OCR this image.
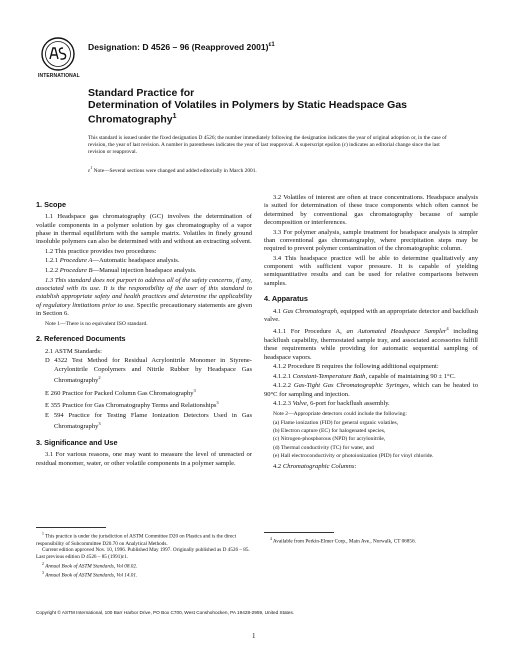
INTERNATIONAL
Designation: D 4526 – 96 (Reapproved 2001)$^{\varepsilon 1}$
Standard Practice for
Determination of Volatiles in Polymers by Static Headspace Gas Chromatography$^1$
This standard is issued under the fixed designation D 4526; the number immediately following the designation indicates the year of original adoption or, in the case of revision, the year of last revision. A number in parentheses indicates the year of last reapproval. A superscript epsilon (ε) indicates an editorial change since the last revision or reapproval.
$\varepsilon^1$ Note—Several sections were changed and added editorially in March 2001.
1. Scope

1.1 Headspace gas chromatography (GC) involves the determination of volatile components in a polymer solution by gas chromatography of a vapor phase in thermal equilibrium with the sample matrix. Volatiles in finely ground insoluble polymers can also be determined with and without an extracting solvent.

1.2 This practice provides two procedures:

1.2.1 Procedure A—Automatic headspace analysis.

1.2.2 Procedure B—Manual injection headspace analysis.

1.3 This standard does not purport to address all of the safety concerns, if any, associated with its use. It is the responsibility of the user of this standard to establish appropriate safety and health practices and determine the applicability of regulatory limitations prior to use. Specific precautionary statements are given in Section 6.

Note 1—There is no equivalent ISO standard.

2. Referenced Documents

2.1 ASTM Standards:

D 4322 Test Method for Residual Acrylonitrile Monomer in Styrene-Acrylonitrile Copolymers and Nitrile Rubber by Headspace Gas Chromatography$^2$

E 260 Practice for Packed Column Gas Chromatography$^3$

E 355 Practice for Gas Chromatography Terms and Relationships$^3$

E 594 Practice for Testing Flame Ionization Detectors Used in Gas Chromatography$^3$

3. Significance and Use

3.1 For various reasons, one may want to measure the level of unreacted or residual monomer, water, or other volatile components in a polymer sample.

$^1$ This practice is under the jurisdiction of ASTM Committee D20 on Plastics and is the direct responsibility of Subcommittee D20.70 on Analytical Methods.
Current edition approved Nov. 10, 1996. Published May 1997. Originally published as D 4526 – 85. Last previous edition D 4526 – 85 (1991)ε1.
$^2$ Annual Book of ASTM Standards, Vol 08.02.
$^3$ Annual Book of ASTM Standards, Vol 14.01.

3.2 Volatiles of interest are often at trace concentrations. Headspace analysis is suited for determination of these trace components which often cannot be determined by conventional gas chromatography because of sample decomposition or interferences.

3.3 For polymer analysis, sample treatment for headspace analysis is simpler than conventional gas chromatography, where precipitation steps may be required to prevent polymer contamination of the chromatographic column.

3.4 This headspace practice will be able to determine qualitatively any component with sufficient vapor pressure. It is capable of yielding semiquantitative results and can be used for relative comparisons between samples.

4. Apparatus

4.1 Gas Chromatograph, equipped with an appropriate detector and backflush valve.

4.1.1 For Procedure A, an Automated Headspace Sampler$^4$ including backflush capability, thermostated sample tray, and associated accessories fulfill these requirements while providing for automatic sequential sampling of headspace vapors.

4.1.2 Procedure B requires the following additional equipment:

4.1.2.1 Constant-Temperature Bath, capable of maintaining 90 ± 1°C.

4.1.2.2 Gas-Tight Gas Chromatographic Syringes, which can be heated to 90°C for sampling and injection.

4.1.2.3 Valve, 6-port for backflush assembly.

Note 2—Appropriate detectors could include the following:

(a) Flame ionization (FID) for general organic volatiles,

(b) Electron capture (EC) for halogenated species,

(c) Nitrogen-phosphorous (NPD) for acrylonitrile,

(d) Thermal conductivity (TC) for water, and

(e) Hall electroconductivity or photoionization (PID) for vinyl chloride.

4.2 Chromatographic Columns:

$^4$ Available from Perkin-Elmer Corp., Main Ave., Norwalk, CT 06856.
Copyright © ASTM International, 100 Barr Harbor Drive, PO Box C700, West Conshohocken, PA 19428-2959, United States.
1
